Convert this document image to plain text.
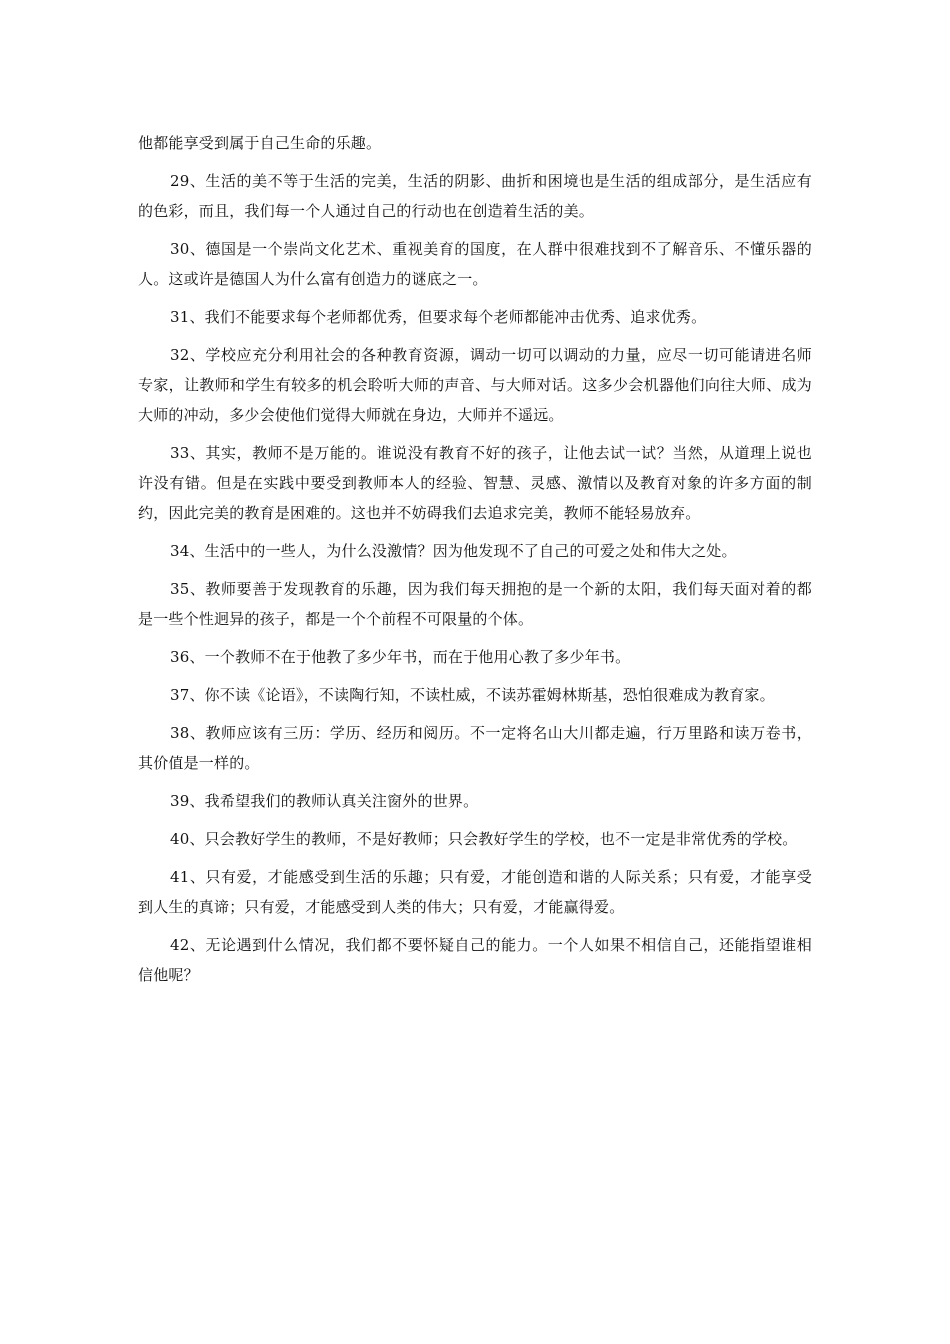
他都能享受到属于自己生命的乐趣。

29、生活的美不等于生活的完美，生活的阴影、曲折和困境也是生活的组成部分，是生活应有的色彩，而且，我们每一个人通过自己的行动也在创造着生活的美。

30、德国是一个崇尚文化艺术、重视美育的国度，在人群中很难找到不了解音乐、不懂乐器的人。这或许是德国人为什么富有创造力的谜底之一。

31、我们不能要求每个老师都优秀，但要求每个老师都能冲击优秀、追求优秀。

32、学校应充分利用社会的各种教育资源，调动一切可以调动的力量，应尽一切可能请进名师专家，让教师和学生有较多的机会聆听大师的声音、与大师对话。这多少会机器他们向往大师、成为大师的冲动，多少会使他们觉得大师就在身边，大师并不遥远。

33、其实，教师不是万能的。谁说没有教育不好的孩子，让他去试一试？当然，从道理上说也许没有错。但是在实践中要受到教师本人的经验、智慧、灵感、激情以及教育对象的许多方面的制约，因此完美的教育是困难的。这也并不妨碍我们去追求完美，教师不能轻易放弃。

34、生活中的一些人，为什么没激情？因为他发现不了自己的可爱之处和伟大之处。

35、教师要善于发现教育的乐趣，因为我们每天拥抱的是一个新的太阳，我们每天面对着的都是一些个性迥异的孩子，都是一个个前程不可限量的个体。

36、一个教师不在于他教了多少年书，而在于他用心教了多少年书。

37、你不读《论语》，不读陶行知，不读杜威，不读苏霍姆林斯基，恐怕很难成为教育家。

38、教师应该有三历：学历、经历和阅历。不一定将名山大川都走遍，行万里路和读万卷书，其价值是一样的。

39、我希望我们的教师认真关注窗外的世界。

40、只会教好学生的教师，不是好教师；只会教好学生的学校，也不一定是非常优秀的学校。

41、只有爱，才能感受到生活的乐趣；只有爱，才能创造和谐的人际关系；只有爱，才能享受到人生的真谛；只有爱，才能感受到人类的伟大；只有爱，才能赢得爱。

42、无论遇到什么情况，我们都不要怀疑自己的能力。一个人如果不相信自己，还能指望谁相信他呢？
